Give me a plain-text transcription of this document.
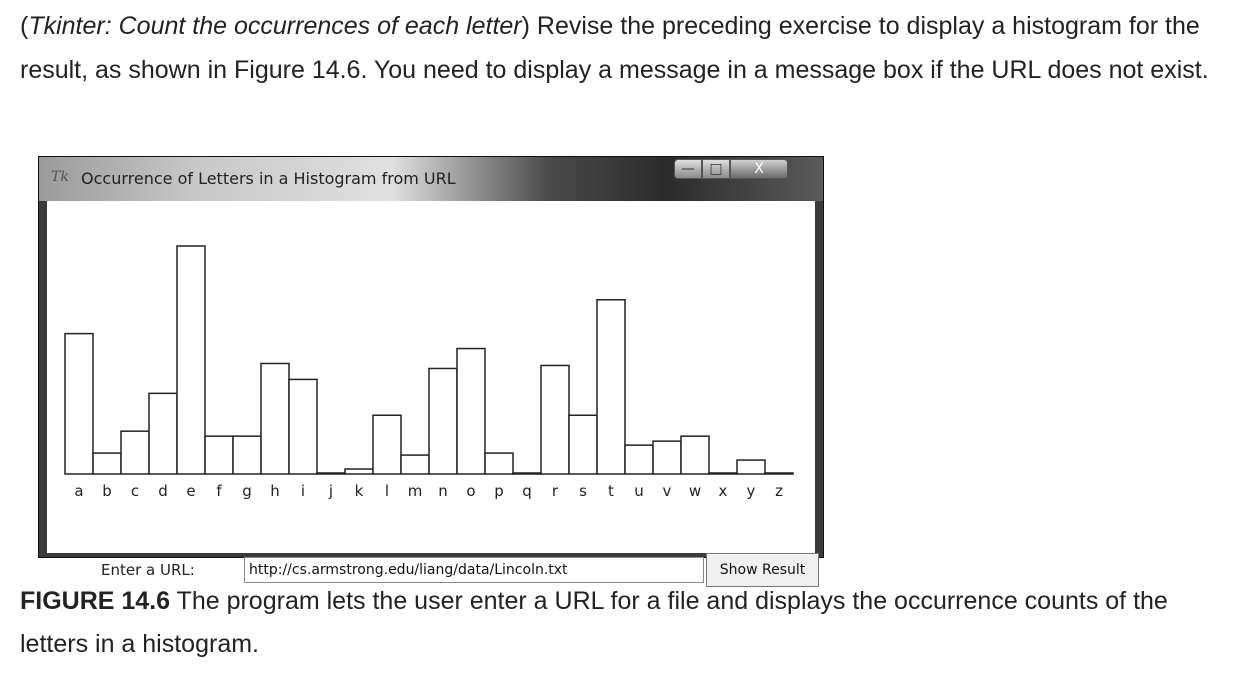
(Tkinter: Count the occurrences of each letter) Revise the preceding exercise to display a histogram for the result, as shown in Figure 14.6. You need to display a message in a message box if the URL does not exist.
Tk Occurrence of Letters in a Histogram from URL	—	□	X
a b c d e f g h i j k l m n o p q r s t u v w x y z
Enter a URL:	http://cs.armstrong.edu/liang/data/Lincoln.txt	Show Result
FIGURE 14.6 The program lets the user enter a URL for a file and displays the occurrence counts of the letters in a histogram.
